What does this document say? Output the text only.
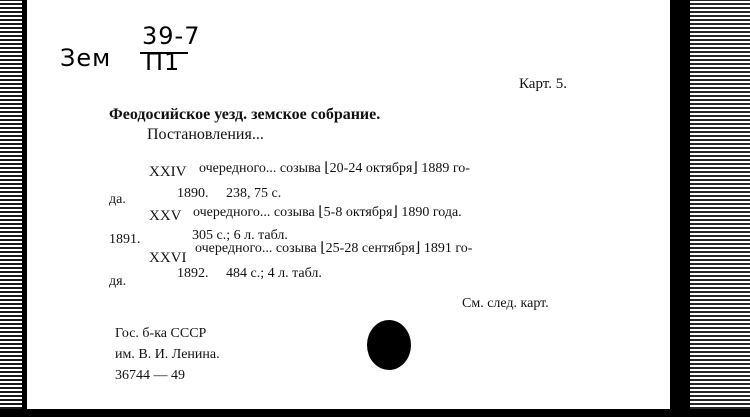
Зем
39-7
П1
Карт. 5.
Феодосийское уезд. земское собрание.
Постановления...
XXIV очередного... созыва ⌊20-24 октября⌋ 1889 го-
да.	1890.     238, 75 с.
XXV очередного... созыва ⌊5-8 октября⌋ 1890 года.
1891.	305 с.; 6 л. табл.
XXVI
очередного... созыва ⌊25-28 сентября⌋ 1891 го-
дя.
1892.     484 с.; 4 л. табл.
См. след. карт.
Гос. б-ка СССР
им. В. И. Ленина.
36744 — 49
